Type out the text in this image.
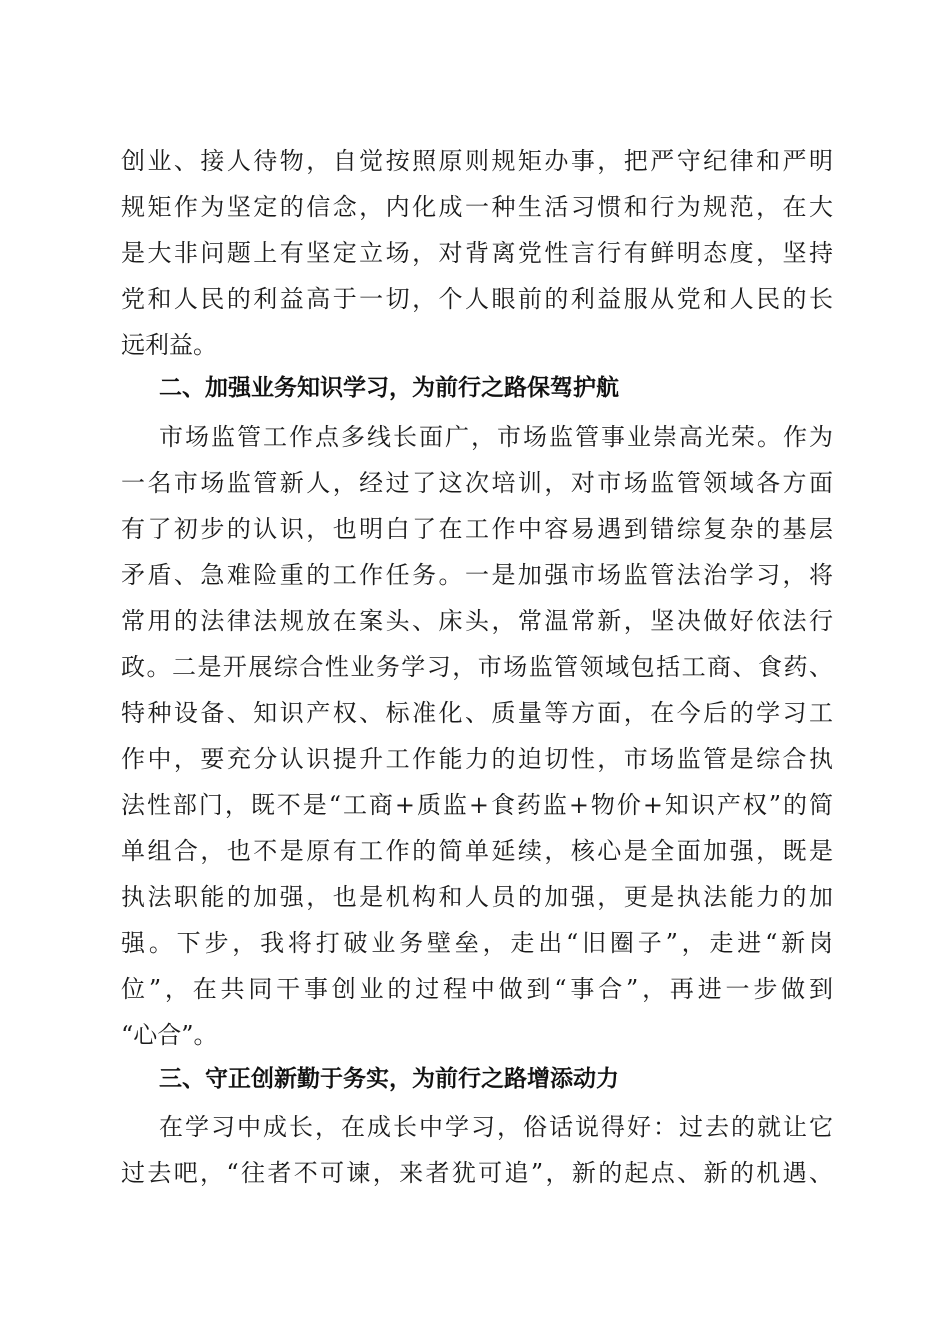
创业、接人待物，自觉按照原则规矩办事，把严守纪律和严明
规矩作为坚定的信念，内化成一种生活习惯和行为规范，在大
是大非问题上有坚定立场，对背离党性言行有鲜明态度，坚持
党和人民的利益高于一切，个人眼前的利益服从党和人民的长
远利益。
二、加强业务知识学习，为前行之路保驾护航
市场监管工作点多线长面广，市场监管事业崇高光荣。作为
一名市场监管新人，经过了这次培训，对市场监管领域各方面
有了初步的认识，也明白了在工作中容易遇到错综复杂的基层
矛盾、急难险重的工作任务。一是加强市场监管法治学习，将
常用的法律法规放在案头、床头，常温常新，坚决做好依法行
政。二是开展综合性业务学习，市场监管领域包括工商、食药、
特种设备、知识产权、标准化、质量等方面，在今后的学习工
作中，要充分认识提升工作能力的迫切性，市场监管是综合执
法性部门，既不是“工商+质监+食药监+物价+知识产权”的简
单组合，也不是原有工作的简单延续，核心是全面加强，既是
执法职能的加强，也是机构和人员的加强，更是执法能力的加
强。下步，我将打破业务壁垒，走出“旧圈子”，走进“新岗
位”，在共同干事创业的过程中做到“事合”，再进一步做到
“心合”。
三、守正创新勤于务实，为前行之路增添动力
在学习中成长，在成长中学习，俗话说得好：过去的就让它
过去吧，“往者不可谏，来者犹可追”，新的起点、新的机遇、
